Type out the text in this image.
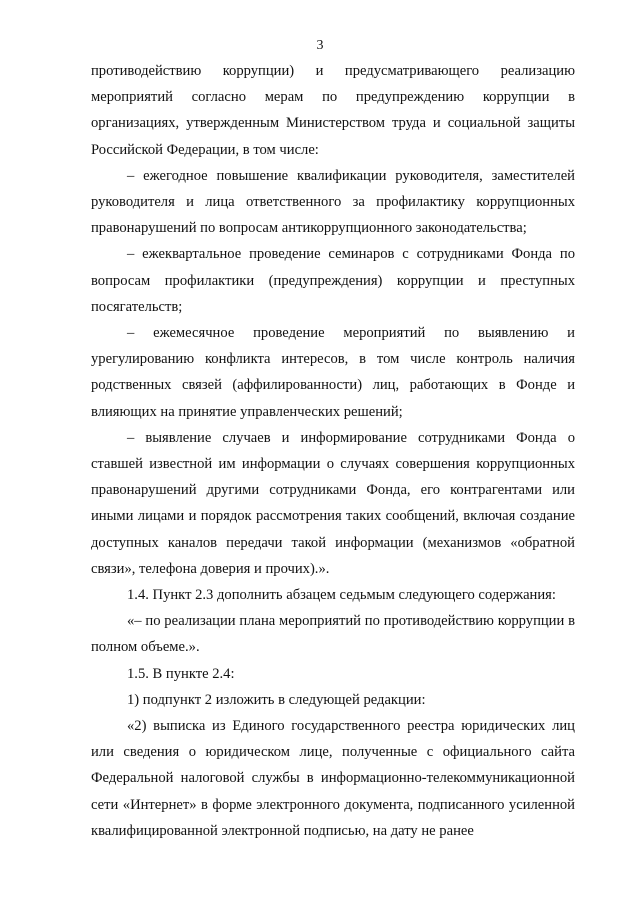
3

противодействию коррупции) и предусматривающего реализацию мероприятий согласно мерам по предупреждению коррупции в организациях, утвержденным Министерством труда и социальной защиты Российской Федерации, в том числе:

– ежегодное повышение квалификации руководителя, заместителей руководителя и лица ответственного за профилактику коррупционных правонарушений по вопросам антикоррупционного законодательства;

– ежеквартальное проведение семинаров с сотрудниками Фонда по вопросам профилактики (предупреждения) коррупции и преступных посягательств;

– ежемесячное проведение мероприятий по выявлению и урегулированию конфликта интересов, в том числе контроль наличия родственных связей (аффилированности) лиц, работающих в Фонде и влияющих на принятие управленческих решений;

– выявление случаев и информирование сотрудниками Фонда о ставшей известной им информации о случаях совершения коррупционных правонарушений другими сотрудниками Фонда, его контрагентами или иными лицами и порядок рассмотрения таких сообщений, включая создание доступных каналов передачи такой информации (механизмов «обратной связи», телефона доверия и прочих).».

1.4. Пункт 2.3 дополнить абзацем седьмым следующего содержания:

«– по реализации плана мероприятий по противодействию коррупции в полном объеме.».

1.5. В пункте 2.4:

1) подпункт 2 изложить в следующей редакции:

«2) выписка из Единого государственного реестра юридических лиц или сведения о юридическом лице, полученные с официального сайта Федеральной налоговой службы в информационно-телекоммуникационной сети «Интернет» в форме электронного документа, подписанного усиленной квалифицированной электронной подписью, на дату не ранее
